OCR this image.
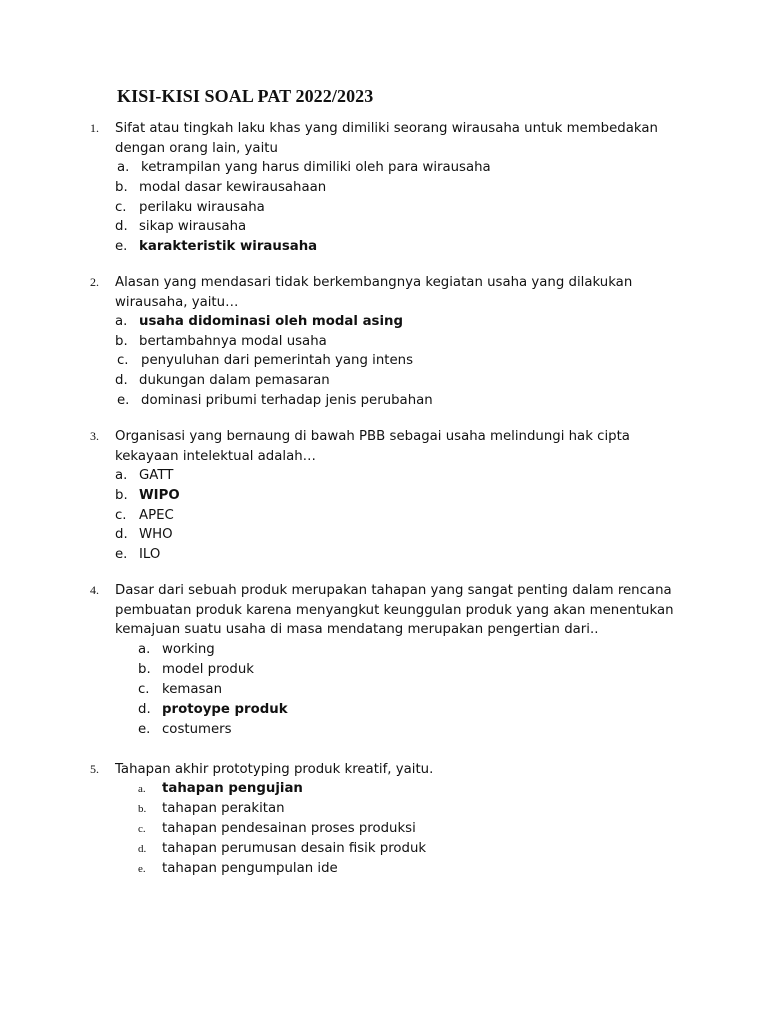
KISI-KISI SOAL PAT 2022/2023
1. Sifat atau tingkah laku khas yang dimiliki seorang wirausaha untuk membedakan dengan orang lain, yaitu
a. ketrampilan yang harus dimiliki oleh para wirausaha
b. modal dasar kewirausahaan
c. perilaku wirausaha
d. sikap wirausaha
e. karakteristik wirausaha
2. Alasan yang mendasari tidak berkembangnya kegiatan usaha yang dilakukan wirausaha, yaitu…
a. usaha didominasi oleh modal asing
b. bertambahnya modal usaha
c. penyuluhan dari pemerintah yang intens
d. dukungan dalam pemasaran
e. dominasi pribumi terhadap jenis perubahan
3. Organisasi yang bernaung di bawah PBB sebagai usaha melindungi hak cipta kekayaan intelektual adalah…
a. GATT
b. WIPO
c. APEC
d. WHO
e. ILO
4. Dasar dari sebuah produk merupakan tahapan yang sangat penting dalam rencana pembuatan produk karena menyangkut keunggulan produk yang akan menentukan kemajuan suatu usaha di masa mendatang merupakan pengertian dari..
a. working
b. model produk
c. kemasan
d. protoype produk
e. costumers
5. Tahapan akhir prototyping produk kreatif, yaitu.
a. tahapan pengujian
b. tahapan perakitan
c. tahapan pendesainan proses produksi
d. tahapan perumusan desain fisik produk
e. tahapan pengumpulan ide
